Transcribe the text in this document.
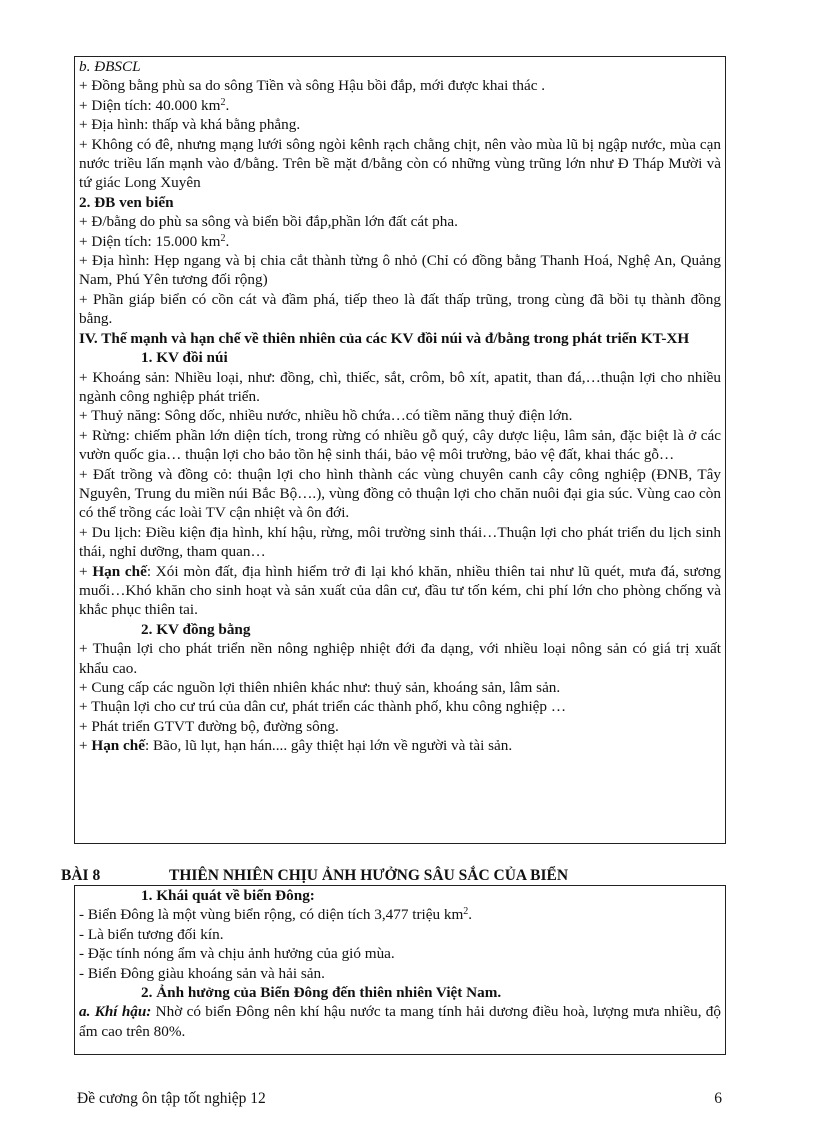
b. ĐBSCL

+ Đồng bằng phù sa do sông Tiền và sông Hậu bồi đắp, mới được khai thác .

+ Diện tích: 40.000 $km^2$.

+ Địa hình: thấp và khá bằng phẳng.

+ Không có đê, nhưng mạng lưới sông ngòi kênh rạch chằng chịt, nên vào mùa lũ bị ngập nước, mùa cạn nước triều lấn mạnh vào đ/bằng. Trên bề mặt đ/bằng còn có những vùng trũng lớn như Đ Tháp Mười và tứ giác Long Xuyên

2. ĐB ven biển

+ Đ/bằng do phù sa sông và biển bồi đắp,phần lớn đất cát pha.

+ Diện tích: 15.000 $km^2$.

+ Địa hình: Hẹp ngang và bị chia cắt thành từng ô nhỏ (Chỉ có đồng bằng Thanh Hoá, Nghệ An, Quảng Nam, Phú Yên tương đối rộng)

+ Phần giáp biển có cồn cát và đầm phá, tiếp theo là đất thấp trũng, trong cùng đã bồi tụ thành đồng bằng.

IV. Thế mạnh và hạn chế về thiên nhiên của các KV đồi núi và đ/bằng trong phát triển KT-XH

1. KV đồi núi

+ Khoáng sản: Nhiều loại, như: đồng, chì, thiếc, sắt, crôm, bô xít, apatit, than đá,…thuận lợi cho nhiều ngành công nghiệp phát triển.

+ Thuỷ năng: Sông dốc, nhiều nước, nhiều hồ chứa…có tiềm năng thuỷ điện lớn.

+ Rừng: chiếm phần lớn diện tích, trong rừng có nhiều gỗ quý, cây dược liệu, lâm sản, đặc biệt là ở các vườn quốc gia… thuận lợi cho bảo tồn hệ sinh thái, bảo vệ môi trường, bảo vệ đất, khai thác gỗ…

+ Đất trồng và đồng cỏ: thuận lợi cho hình thành các vùng chuyên canh cây công nghiệp (ĐNB, Tây Nguyên, Trung du miền núi Bắc Bộ….), vùng đồng cỏ thuận lợi cho chăn nuôi đại gia súc. Vùng cao còn có thể trồng các loài TV cận nhiệt và ôn đới.

+ Du lịch: Điều kiện địa hình, khí hậu, rừng, môi trường sinh thái…Thuận lợi cho phát triển du lịch sinh thái, nghỉ dưỡng, tham quan…

+ Hạn chế: Xói mòn đất, địa hình hiểm trở đi lại khó khăn, nhiều thiên tai như lũ quét, mưa đá, sương muối…Khó khăn cho sinh hoạt và sản xuất của dân cư, đầu tư tốn kém, chi phí lớn cho phòng chống và khắc phục thiên tai.

2. KV đồng bằng

+ Thuận lợi cho phát triển nền nông nghiệp nhiệt đới đa dạng, với nhiều loại nông sản có giá trị xuất khẩu cao.

+ Cung cấp các nguồn lợi thiên nhiên khác như: thuỷ sản, khoáng sản, lâm sản.

+ Thuận lợi cho cư trú của dân cư, phát triển các thành phố, khu công nghiệp …

+ Phát triển GTVT đường bộ, đường sông.

+ Hạn chế: Bão, lũ lụt, hạn hán.... gây thiệt hại lớn về người và tài sản.

BÀI 8	THIÊN NHIÊN CHỊU ẢNH HƯỞNG SÂU SẮC CỦA BIỂN

1. Khái quát về biển Đông:

- Biển Đông là một vùng biển rộng, có diện tích 3,477 triệu $km^2$.

- Là biển tương đối kín.

- Đặc tính nóng ẩm và chịu ảnh hưởng của gió mùa.

- Biển Đông giàu khoáng sản và hải sản.

2. Ảnh hưởng của Biển Đông đến thiên nhiên Việt Nam.

a. Khí hậu: Nhờ có biển Đông nên khí hậu nước ta mang tính hải dương điều hoà, lượng mưa nhiều, độ ẩm cao trên 80%.

Đề cương ôn tập tốt nghiệp 12	6
